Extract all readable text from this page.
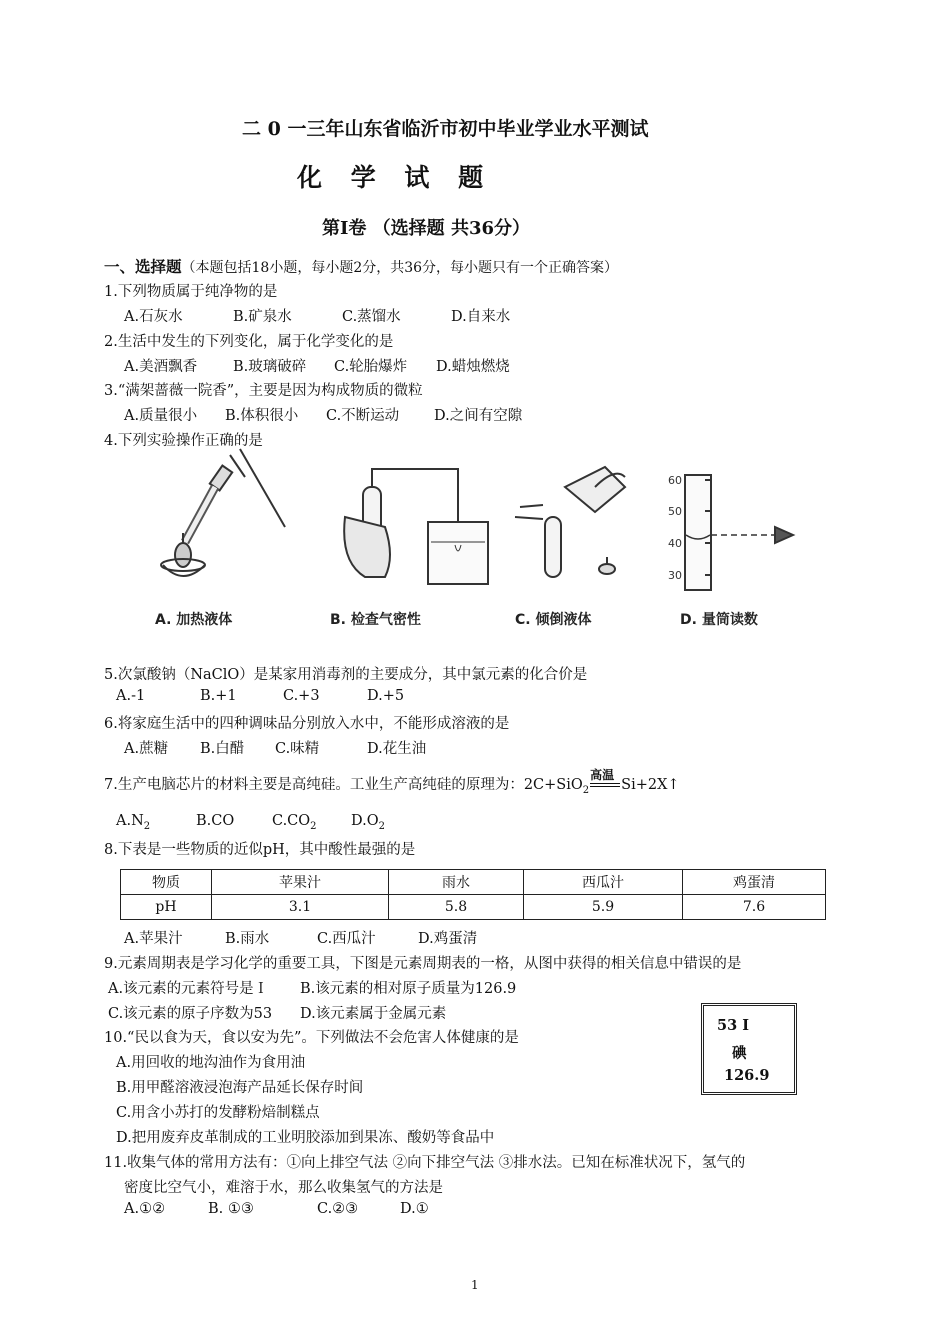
二 0 一三年山东省临沂市初中毕业学业水平测试
化 学 试 题
第Ⅰ卷 （选择题 共36分）
一、选择题（本题包括18小题，每小题2分，共36分，每小题只有一个正确答案）
1.下列物质属于纯净物的是
A.石灰水	B.矿泉水	C.蒸馏水	D.自来水
2.生活中发生的下列变化，属于化学变化的是
A.美酒飘香 B.玻璃破碎 C.轮胎爆炸 D.蜡烛燃烧
3.“满架蔷薇一院香”，主要是因为构成物质的微粒
A.质量很小 B.体积很小 C.不断运动 D.之间有空隙
4.下列实验操作正确的是
60
50
40
30
A. 加热液体	B. 检查气密性	C. 倾倒液体	D. 量筒读数
5.次氯酸钠（NaClO）是某家用消毒剂的主要成分，其中氯元素的化合价是
A.-1	B.+1	C.+3	D.+5
6.将家庭生活中的四种调味品分别放入水中，不能形成溶液的是
A.蔗糖 B.白醋 C.味精	D.花生油
7.生产电脑芯片的材料主要是高纯硅。工业生产高纯硅的原理为：2C+SiO$_2$
高温
Si+2X↑
$A.N_2$	B.CO	$C.CO_2$ $D.O_2$
8.下表是一些物质的近似pH，其中酸性最强的是
物质	苹果汁	雨水	西瓜汁	鸡蛋清
pH	3.1	5.8	5.9	7.6
A.苹果汁	B.雨水	C.西瓜汁	D.鸡蛋清
9.元素周期表是学习化学的重要工具，下图是元素周期表的一格，从图中获得的相关信息中错误的是
A.该元素的元素符号是Ｉ B.该元素的相对原子质量为126.9
C.该元素的原子序数为53 D.该元素属于金属元素
53 I
碘
126.9
10.“民以食为天，食以安为先”。下列做法不会危害人体健康的是
A.用回收的地沟油作为食用油
B.用甲醛溶液浸泡海产品延长保存时间
C.用含小苏打的发酵粉焙制糕点
D.把用废弃皮革制成的工业明胶添加到果冻、酸奶等食品中
11.收集气体的常用方法有：①向上排空气法 ②向下排空气法 ③排水法。已知在标准状况下，氢气的
密度比空气小，难溶于水，那么收集氢气的方法是
A.①②	B. ①③	C.②③	D.①
1
